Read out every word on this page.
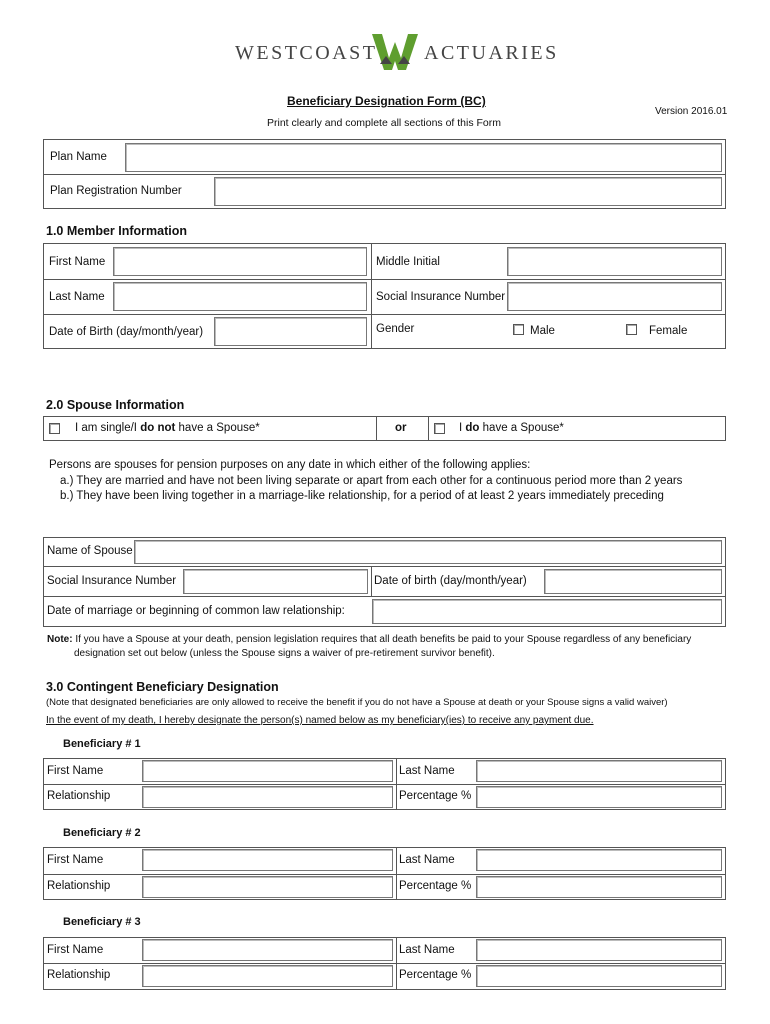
WESTCOAST ACTUARIES
Beneficiary Designation Form (BC)
Version 2016.01
Print clearly and complete all sections of this Form
Plan Name
Plan Registration Number
1.0 Member Information
First Name	Middle Initial
Last Name	Social Insurance Number
Date of Birth (day/month/year)	Gender	Male	Female
2.0 Spouse Information
I am single/I do not have a Spouse*	or	I do have a Spouse*
Persons are spouses for pension purposes on any date in which either of the following applies:
a.) They are married and have not been living separate or apart from each other for a continuous period more than 2 years
b.) They have been living together in a marriage-like relationship, for a period of at least 2 years immediately preceding
Name of Spouse
Social Insurance Number	Date of birth (day/month/year)
Date of marriage or beginning of common law relationship:
Note: If you have a Spouse at your death, pension legislation requires that all death benefits be paid to your Spouse regardless of any beneficiary
designation set out below (unless the Spouse signs a waiver of pre-retirement survivor benefit).
3.0 Contingent Beneficiary Designation
(Note that designated beneficiaries are only allowed to receive the benefit if you do not have a Spouse at death or your Spouse signs a valid waiver)
In the event of my death, I hereby designate the person(s) named below as my beneficiary(ies) to receive any payment due.
Beneficiary # 1
First Name	Last Name
Relationship	Percentage %
Beneficiary # 2
First Name	Last Name
Relationship	Percentage %
Beneficiary # 3
First Name	Last Name
Relationship	Percentage %
